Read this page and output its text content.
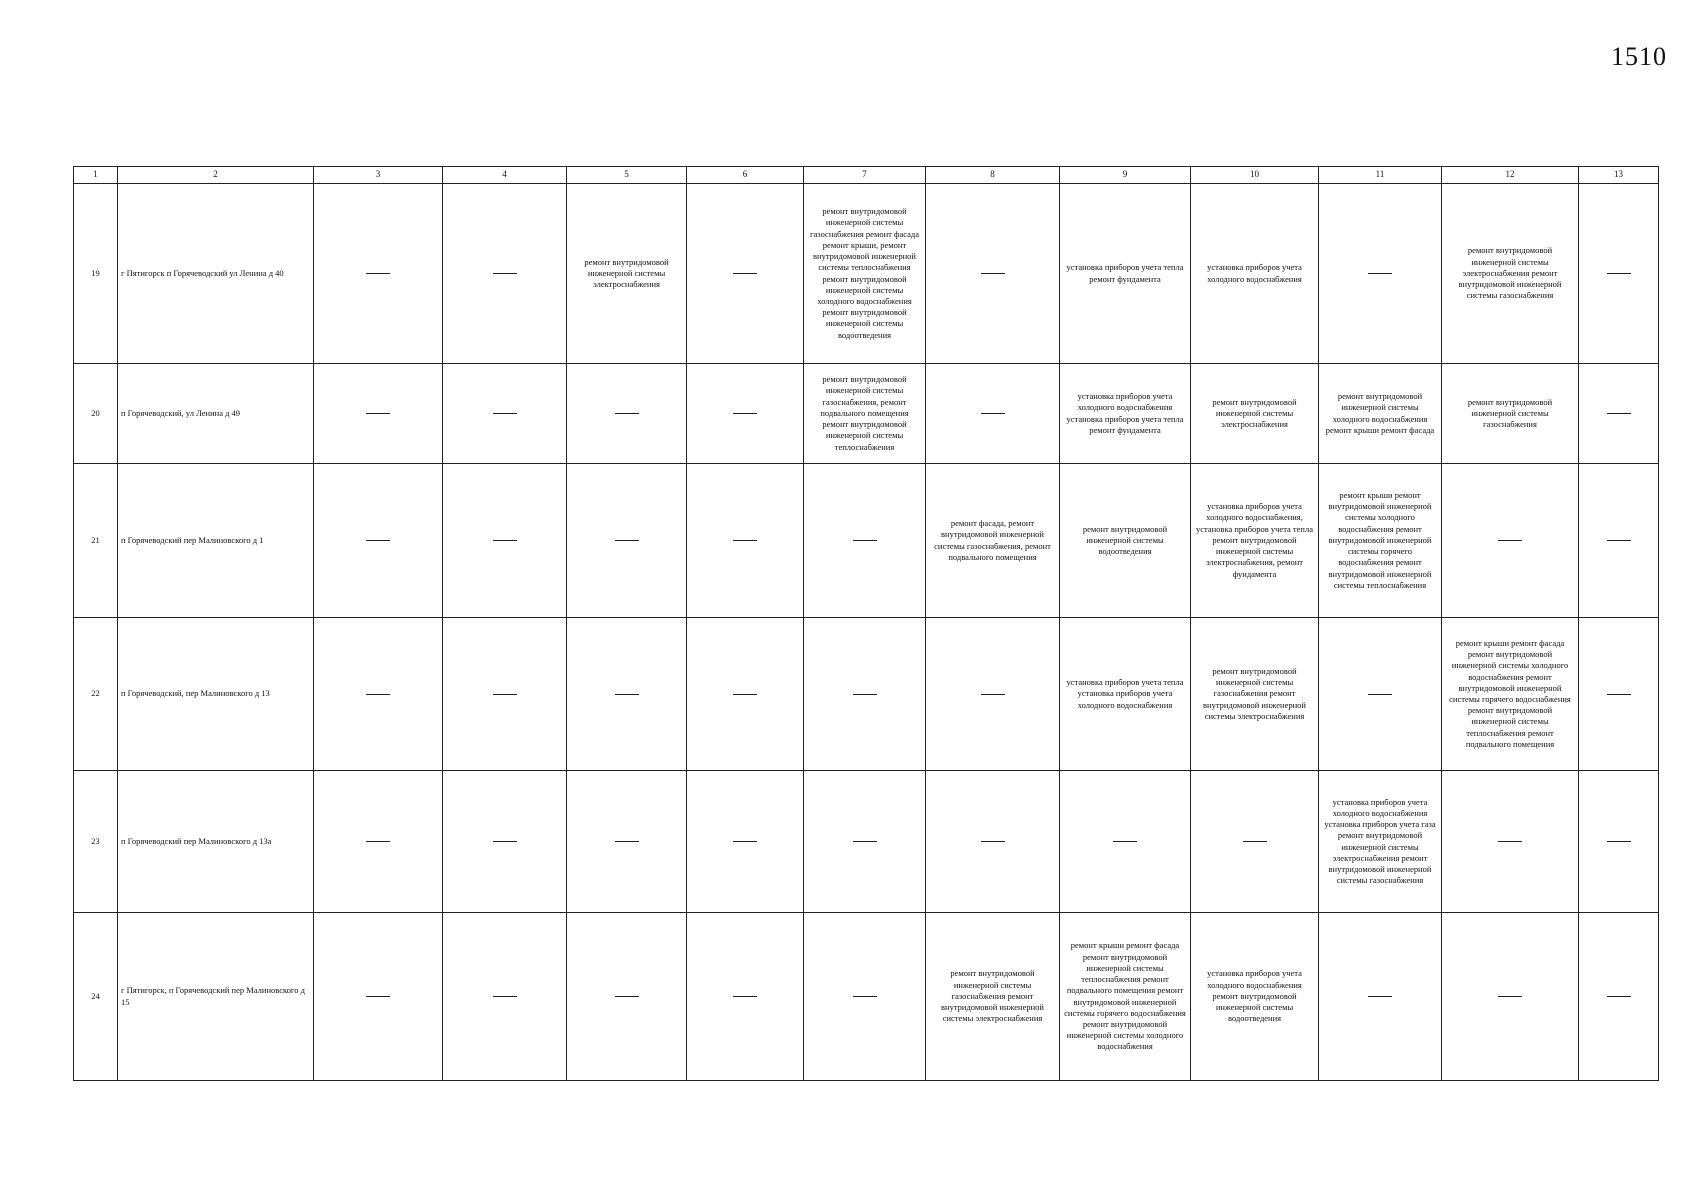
1510
1	2	3	4	5	6	7	8	9	10	11	12	13
19	г Пятигорск п Горячеводский ул Ленина д 40			ремонт внутридомовой инженерной системы электроснабжения		ремонт внутридомовой инженерной системы газоснабжения ремонт фасада ремонт крыши, ремонт внутридомовой инженерной системы теплоснабжения ремонт внутридомовой инженерной системы холодного водоснабжения ремонт внутридомовой инженерной системы водоотведения		установка приборов учета тепла ремонт фундамента	установка приборов учета холодного водоснабжения		ремонт внутридомовой инженерной системы электроснабжения ремонт внутридомовой инженерной системы газоснабжения	
20	п Горячеводский, ул Ленина д 49					ремонт внутридомовой инженерной системы газоснабжения, ремонт подвального помещения ремонт внутридомовой инженерной системы теплоснабжения		установка приборов учета холодного водоснабжения установка приборов учета тепла ремонт фундамента	ремонт внутридомовой инженерной системы электроснабжения	ремонт внутридомовой инженерной системы холодного водоснабжения ремонт крыши ремонт фасада	ремонт внутридомовой инженерной системы газоснабжения	
21	п Горячеводский пер Малиновского д 1						ремонт фасада, ремонт внутридомовой инженерной системы газоснабжения, ремонт подвального помещения	ремонт внутридомовой инженерной системы водоотведения	установка приборов учета холодного водоснабжения, установка приборов учета тепла ремонт внутридомовой инженерной системы электроснабжения, ремонт фундамента	ремонт крыши ремонт внутридомовой инженерной системы холодного водоснабжения ремонт внутридомовой инженерной системы горячего водоснабжения ремонт внутридомовой инженерной системы теплоснабжения		
22	п Горячеводский, пер Малиновского д 13							установка приборов учета тепла установка приборов учета холодного водоснабжения	ремонт внутридомовой инженерной системы газоснабжения ремонт внутридомовой инженерной системы электроснабжения		ремонт крыши ремонт фасада ремонт внутридомовой инженерной системы холодного водоснабжения ремонт внутридомовой инженерной системы горячего водоснабжения ремонт внутридомовой инженерной системы теплоснабжения ремонт подвального помещения	
23	п Горячеводский пер Малиновского д 13а									установка приборов учета холодного водоснабжения установка приборов учета газа ремонт внутридомовой инженерной системы электроснабжения ремонт внутридомовой инженерной системы газоснабжения		
24	г Пятигорск, п Горячеводский пер Малиновского д 15						ремонт внутридомовой инженерной системы газоснабжения ремонт внутридомовой инженерной системы электроснабжения	ремонт крыши ремонт фасада ремонт внутридомовой инженерной системы теплоснабжения ремонт подвального помещения ремонт внутридомовой инженерной системы горячего водоснабжения ремонт внутридомовой инженерной системы холодного водоснабжения	установка приборов учета холодного водоснабжения ремонт внутридомовой инженерной системы водоотведения			
